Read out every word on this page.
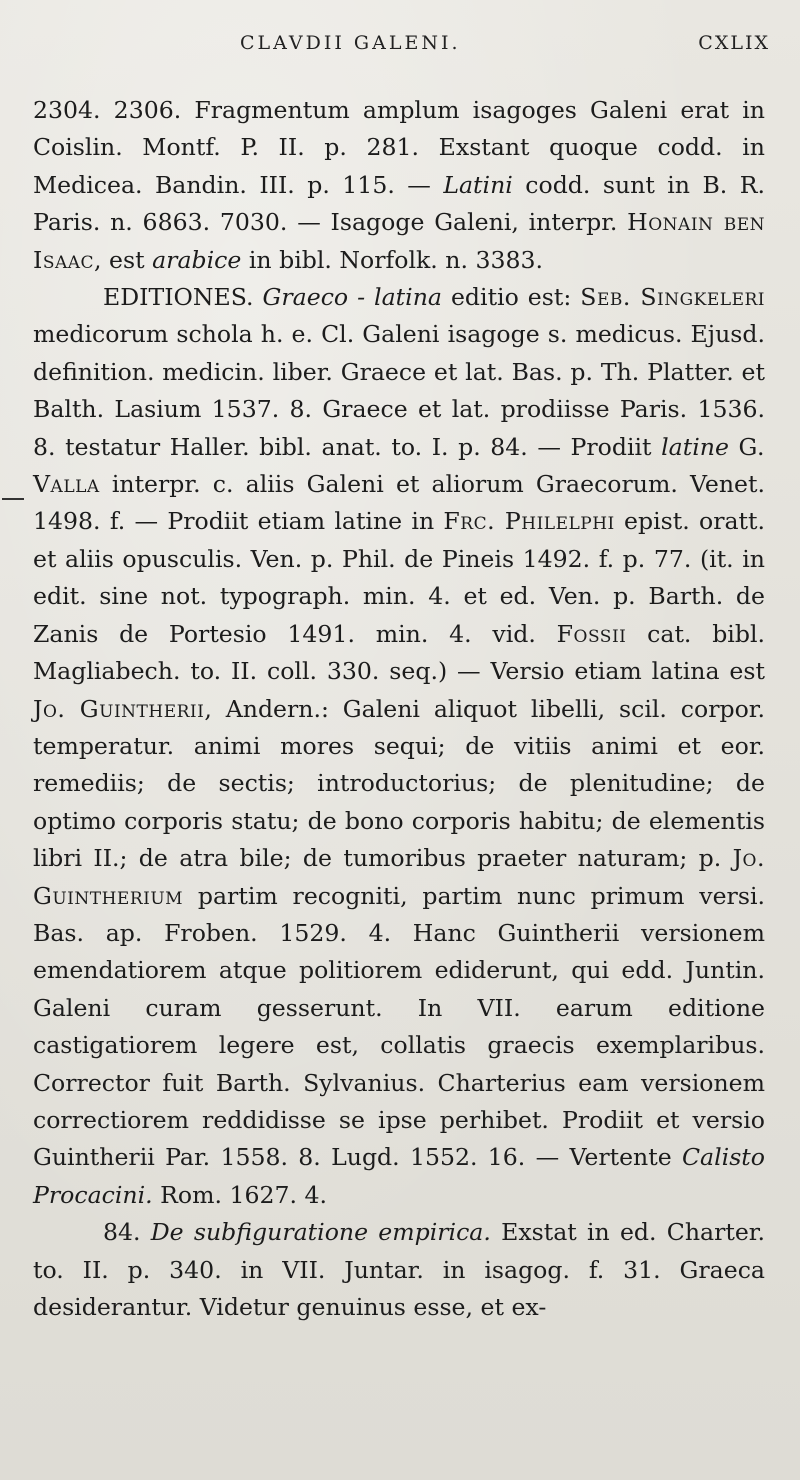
CLAVDII GALENI.	CXLIX

2304. 2306. Fragmentum amplum isagoges Galeni erat in Coislin. Montf. P. II. p. 281. Exstant quoque codd. in Medicea. Bandin. III. p. 115. — Latini codd. sunt in B. R. Paris. n. 6863. 7030. — Isagoge Galeni, interpr. Honain ben Isaac, est arabice in bibl. Norfolk. n. 3383.

EDITIONES. Graeco - latina editio est: Seb. Singkeleri medicorum schola h. e. Cl. Galeni isagoge s. medicus. Ejusd. definition. medicin. liber. Graece et lat. Bas. p. Th. Platter. et Balth. Lasium 1537. 8. Graece et lat. prodiisse Paris. 1536. 8. testatur Haller. bibl. anat. to. I. p. 84. — Prodiit latine G. Valla interpr. c. aliis Galeni et aliorum Graecorum. Venet. 1498. f. — Prodiit etiam latine in Frc. Philelphi epist. oratt. et aliis opusculis. Ven. p. Phil. de Pineis 1492. f. p. 77. (it. in edit. sine not. typograph. min. 4. et ed. Ven. p. Barth. de Zanis de Portesio 1491. min. 4. vid. Fossii cat. bibl. Magliabech. to. II. coll. 330. seq.) — Versio etiam latina est Jo. Guintherii, Andern.: Galeni aliquot libelli, scil. corpor. temperatur. animi mores sequi; de vitiis animi et eor. remediis; de sectis; introductorius; de plenitudine; de optimo corporis statu; de bono corporis habitu; de elementis libri II.; de atra bile; de tumoribus praeter naturam; p. Jo. Guintherium partim recogniti, partim nunc primum versi. Bas. ap. Froben. 1529. 4. Hanc Guintherii versionem emendatiorem atque politiorem ediderunt, qui edd. Juntin. Galeni curam gesserunt. In VII. earum editione castigatiorem legere est, collatis graecis exemplaribus. Corrector fuit Barth. Sylvanius. Charterius eam versionem correctiorem reddidisse se ipse perhibet. Prodiit et versio Guintherii Par. 1558. 8. Lugd. 1552. 16. — Vertente Calisto Procacini. Rom. 1627. 4.

84. De subfiguratione empirica. Exstat in ed. Charter. to. II. p. 340. in VII. Juntar. in isagog. f. 31. Graeca desiderantur. Videtur genuinus esse, et ex-
